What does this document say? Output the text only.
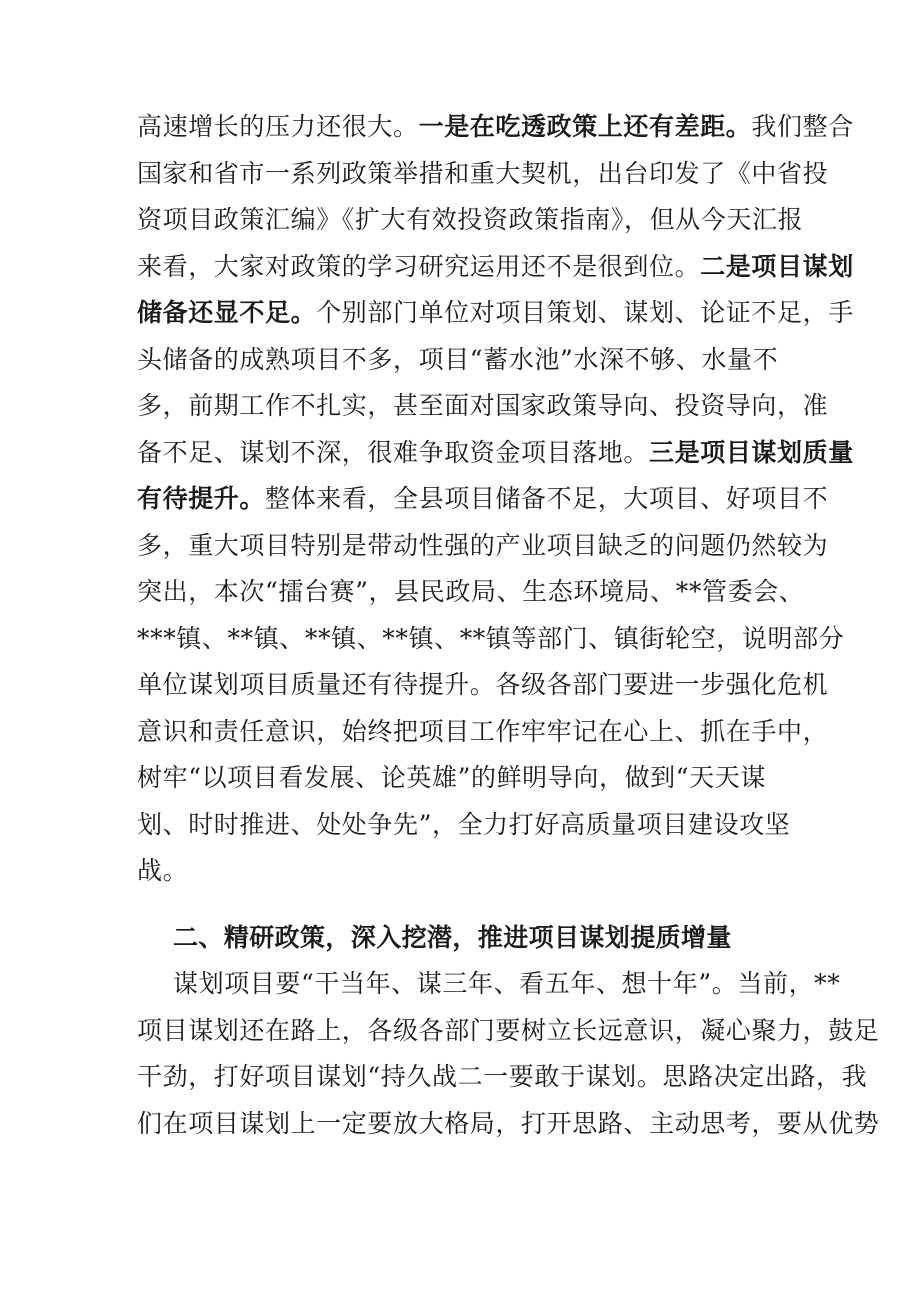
高速增长的压力还很大。一是在吃透政策上还有差距。我们整合
国家和省市一系列政策举措和重大契机，出台印发了《中省投
资项目政策汇编》《扩大有效投资政策指南》，但从今天汇报
来看，大家对政策的学习研究运用还不是很到位。二是项目谋划
储备还显不足。个别部门单位对项目策划、谋划、论证不足，手
头储备的成熟项目不多，项目“蓄水池”水深不够、水量不
多，前期工作不扎实，甚至面对国家政策导向、投资导向，准
备不足、谋划不深，很难争取资金项目落地。三是项目谋划质量
有待提升。整体来看，全县项目储备不足，大项目、好项目不
多，重大项目特别是带动性强的产业项目缺乏的问题仍然较为
突出，本次“擂台赛”，县民政局、生态环境局、**管委会、
***镇、**镇、**镇、**镇、**镇等部门、镇街轮空，说明部分
单位谋划项目质量还有待提升。各级各部门要进一步强化危机
意识和责任意识，始终把项目工作牢牢记在心上、抓在手中，
树牢“以项目看发展、论英雄”的鲜明导向，做到“天天谋
划、时时推进、处处争先”，全力打好高质量项目建设攻坚
战。
二、精研政策，深入挖潜，推进项目谋划提质增量
谋划项目要“干当年、谋三年、看五年、想十年”。当前，**
项目谋划还在路上，各级各部门要树立长远意识，凝心聚力，鼓足
干劲，打好项目谋划“持久战二一要敢于谋划。思路决定出路，我
们在项目谋划上一定要放大格局，打开思路、主动思考，要从优势
